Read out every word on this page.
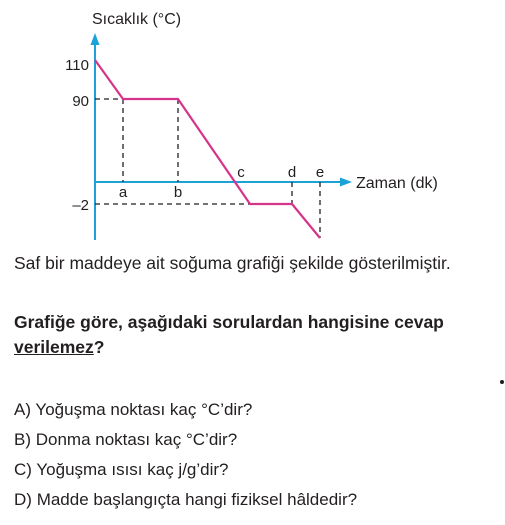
Sıcaklık (°C)
Zaman (dk)
110
90
–2
a	b
c	d e
Saf bir maddeye ait soğuma grafiği şekilde gösterilmiştir.
Grafiğe göre, aşağıdaki sorulardan hangisine cevap verilemez?
A) Yoğuşma noktası kaç °C’dir?
B) Donma noktası kaç °C’dir?
C) Yoğuşma ısısı kaç j/g’dir?
D) Madde başlangıçta hangi fiziksel hâldedir?
